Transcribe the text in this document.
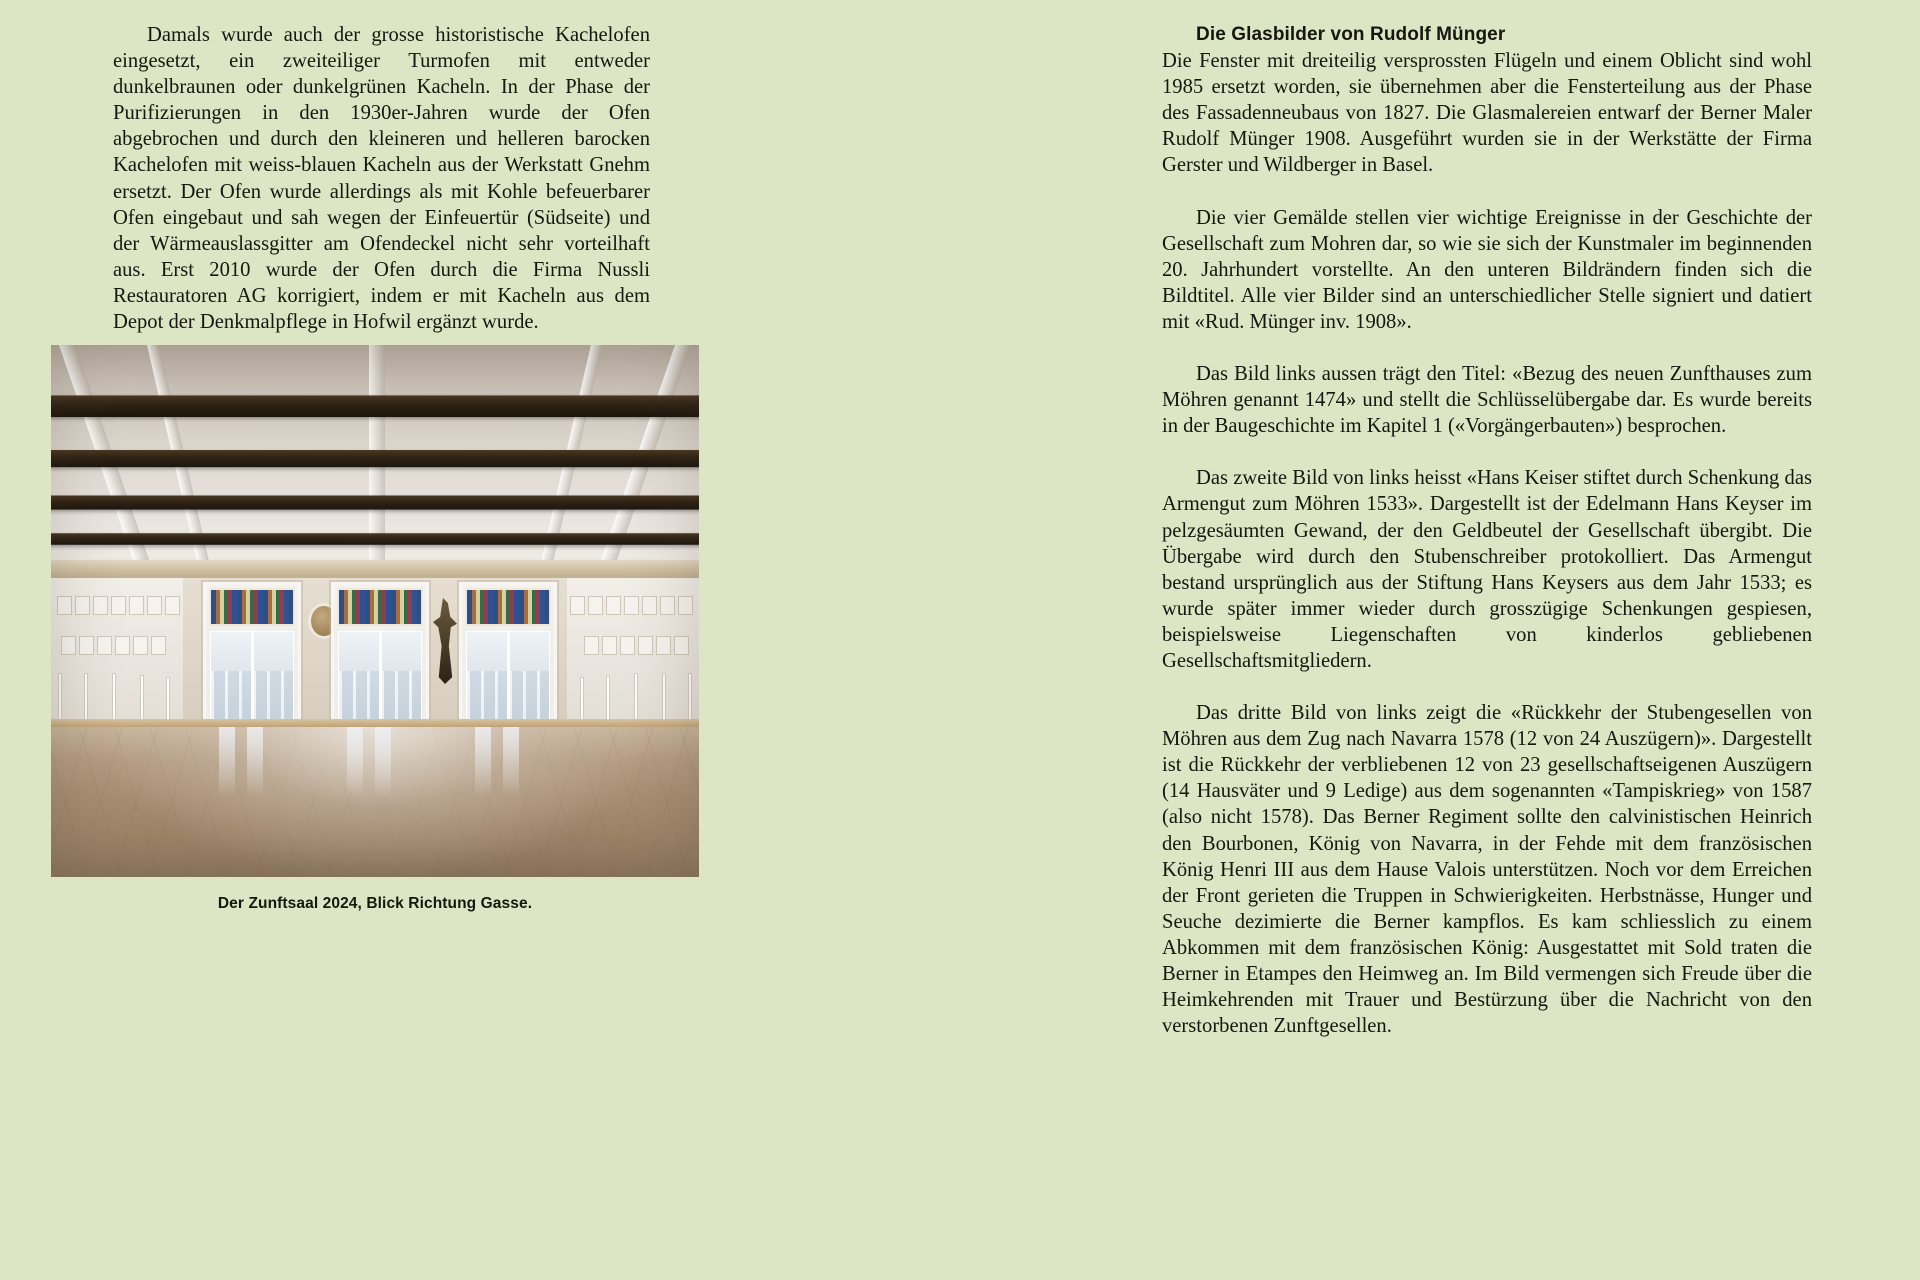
Damals wurde auch der grosse historistische Kachelofen eingesetzt, ein zweiteiliger Turmofen mit entweder dunkelbraunen oder dunkelgrünen Kacheln. In der Phase der Purifizierungen in den 1930er-Jahren wurde der Ofen abgebrochen und durch den kleineren und helleren barocken Kachelofen mit weiss-blauen Kacheln aus der Werkstatt Gnehm ersetzt. Der Ofen wurde allerdings als mit Kohle befeuerbarer Ofen eingebaut und sah wegen der Einfeuertür (Südseite) und der Wärmeauslassgitter am Ofendeckel nicht sehr vorteilhaft aus. Erst 2010 wurde der Ofen durch die Firma Nussli Restauratoren AG korrigiert, indem er mit Kacheln aus dem Depot der Denkmalpflege in Hofwil ergänzt wurde.

Der Zunftsaal 2024, Blick Richtung Gasse.
Die Glasbilder von Rudolf Münger

Die Fenster mit dreiteilig versprossten Flügeln und einem Oblicht sind wohl 1985 ersetzt worden, sie übernehmen aber die Fensterteilung aus der Phase des Fassadenneubaus von 1827. Die Glasmalereien entwarf der Berner Maler Rudolf Münger 1908. Ausgeführt wurden sie in der Werkstätte der Firma Gerster und Wildberger in Basel.

Die vier Gemälde stellen vier wichtige Ereignisse in der Geschichte der Gesellschaft zum Mohren dar, so wie sie sich der Kunstmaler im beginnenden 20. Jahrhundert vorstellte. An den unteren Bildrändern finden sich die Bildtitel. Alle vier Bilder sind an unterschiedlicher Stelle signiert und datiert mit «Rud. Münger inv. 1908».

Das Bild links aussen trägt den Titel: «Bezug des neuen Zunfthauses zum Möhren genannt 1474» und stellt die Schlüsselübergabe dar. Es wurde bereits in der Baugeschichte im Kapitel 1 («Vorgängerbauten») besprochen.

Das zweite Bild von links heisst «Hans Keiser stiftet durch Schenkung das Armengut zum Möhren 1533». Dargestellt ist der Edelmann Hans Keyser im pelzgesäumten Gewand, der den Geldbeutel der Gesellschaft übergibt. Die Übergabe wird durch den Stubenschreiber protokolliert. Das Armengut bestand ursprünglich aus der Stiftung Hans Keysers aus dem Jahr 1533; es wurde später immer wieder durch grosszügige Schenkungen gespiesen, beispielsweise Liegenschaften von kinderlos gebliebenen Gesellschaftsmitgliedern.

Das dritte Bild von links zeigt die «Rückkehr der Stubengesellen von Möhren aus dem Zug nach Navarra 1578 (12 von 24 Auszügern)». Dargestellt ist die Rückkehr der verbliebenen 12 von 23 gesellschaftseigenen Auszügern (14 Hausväter und 9 Ledige) aus dem sogenannten «Tampiskrieg» von 1587 (also nicht 1578). Das Berner Regiment sollte den calvinistischen Heinrich den Bourbonen, König von Navarra, in der Fehde mit dem französischen König Henri III aus dem Hause Valois unterstützen. Noch vor dem Erreichen der Front gerieten die Truppen in Schwierigkeiten. Herbstnässe, Hunger und Seuche dezimierte die Berner kampflos. Es kam schliesslich zu einem Abkommen mit dem französischen König: Ausgestattet mit Sold traten die Berner in Etampes den Heimweg an. Im Bild vermengen sich Freude über die Heimkehrenden mit Trauer und Bestürzung über die Nachricht von den verstorbenen Zunftgesellen.
